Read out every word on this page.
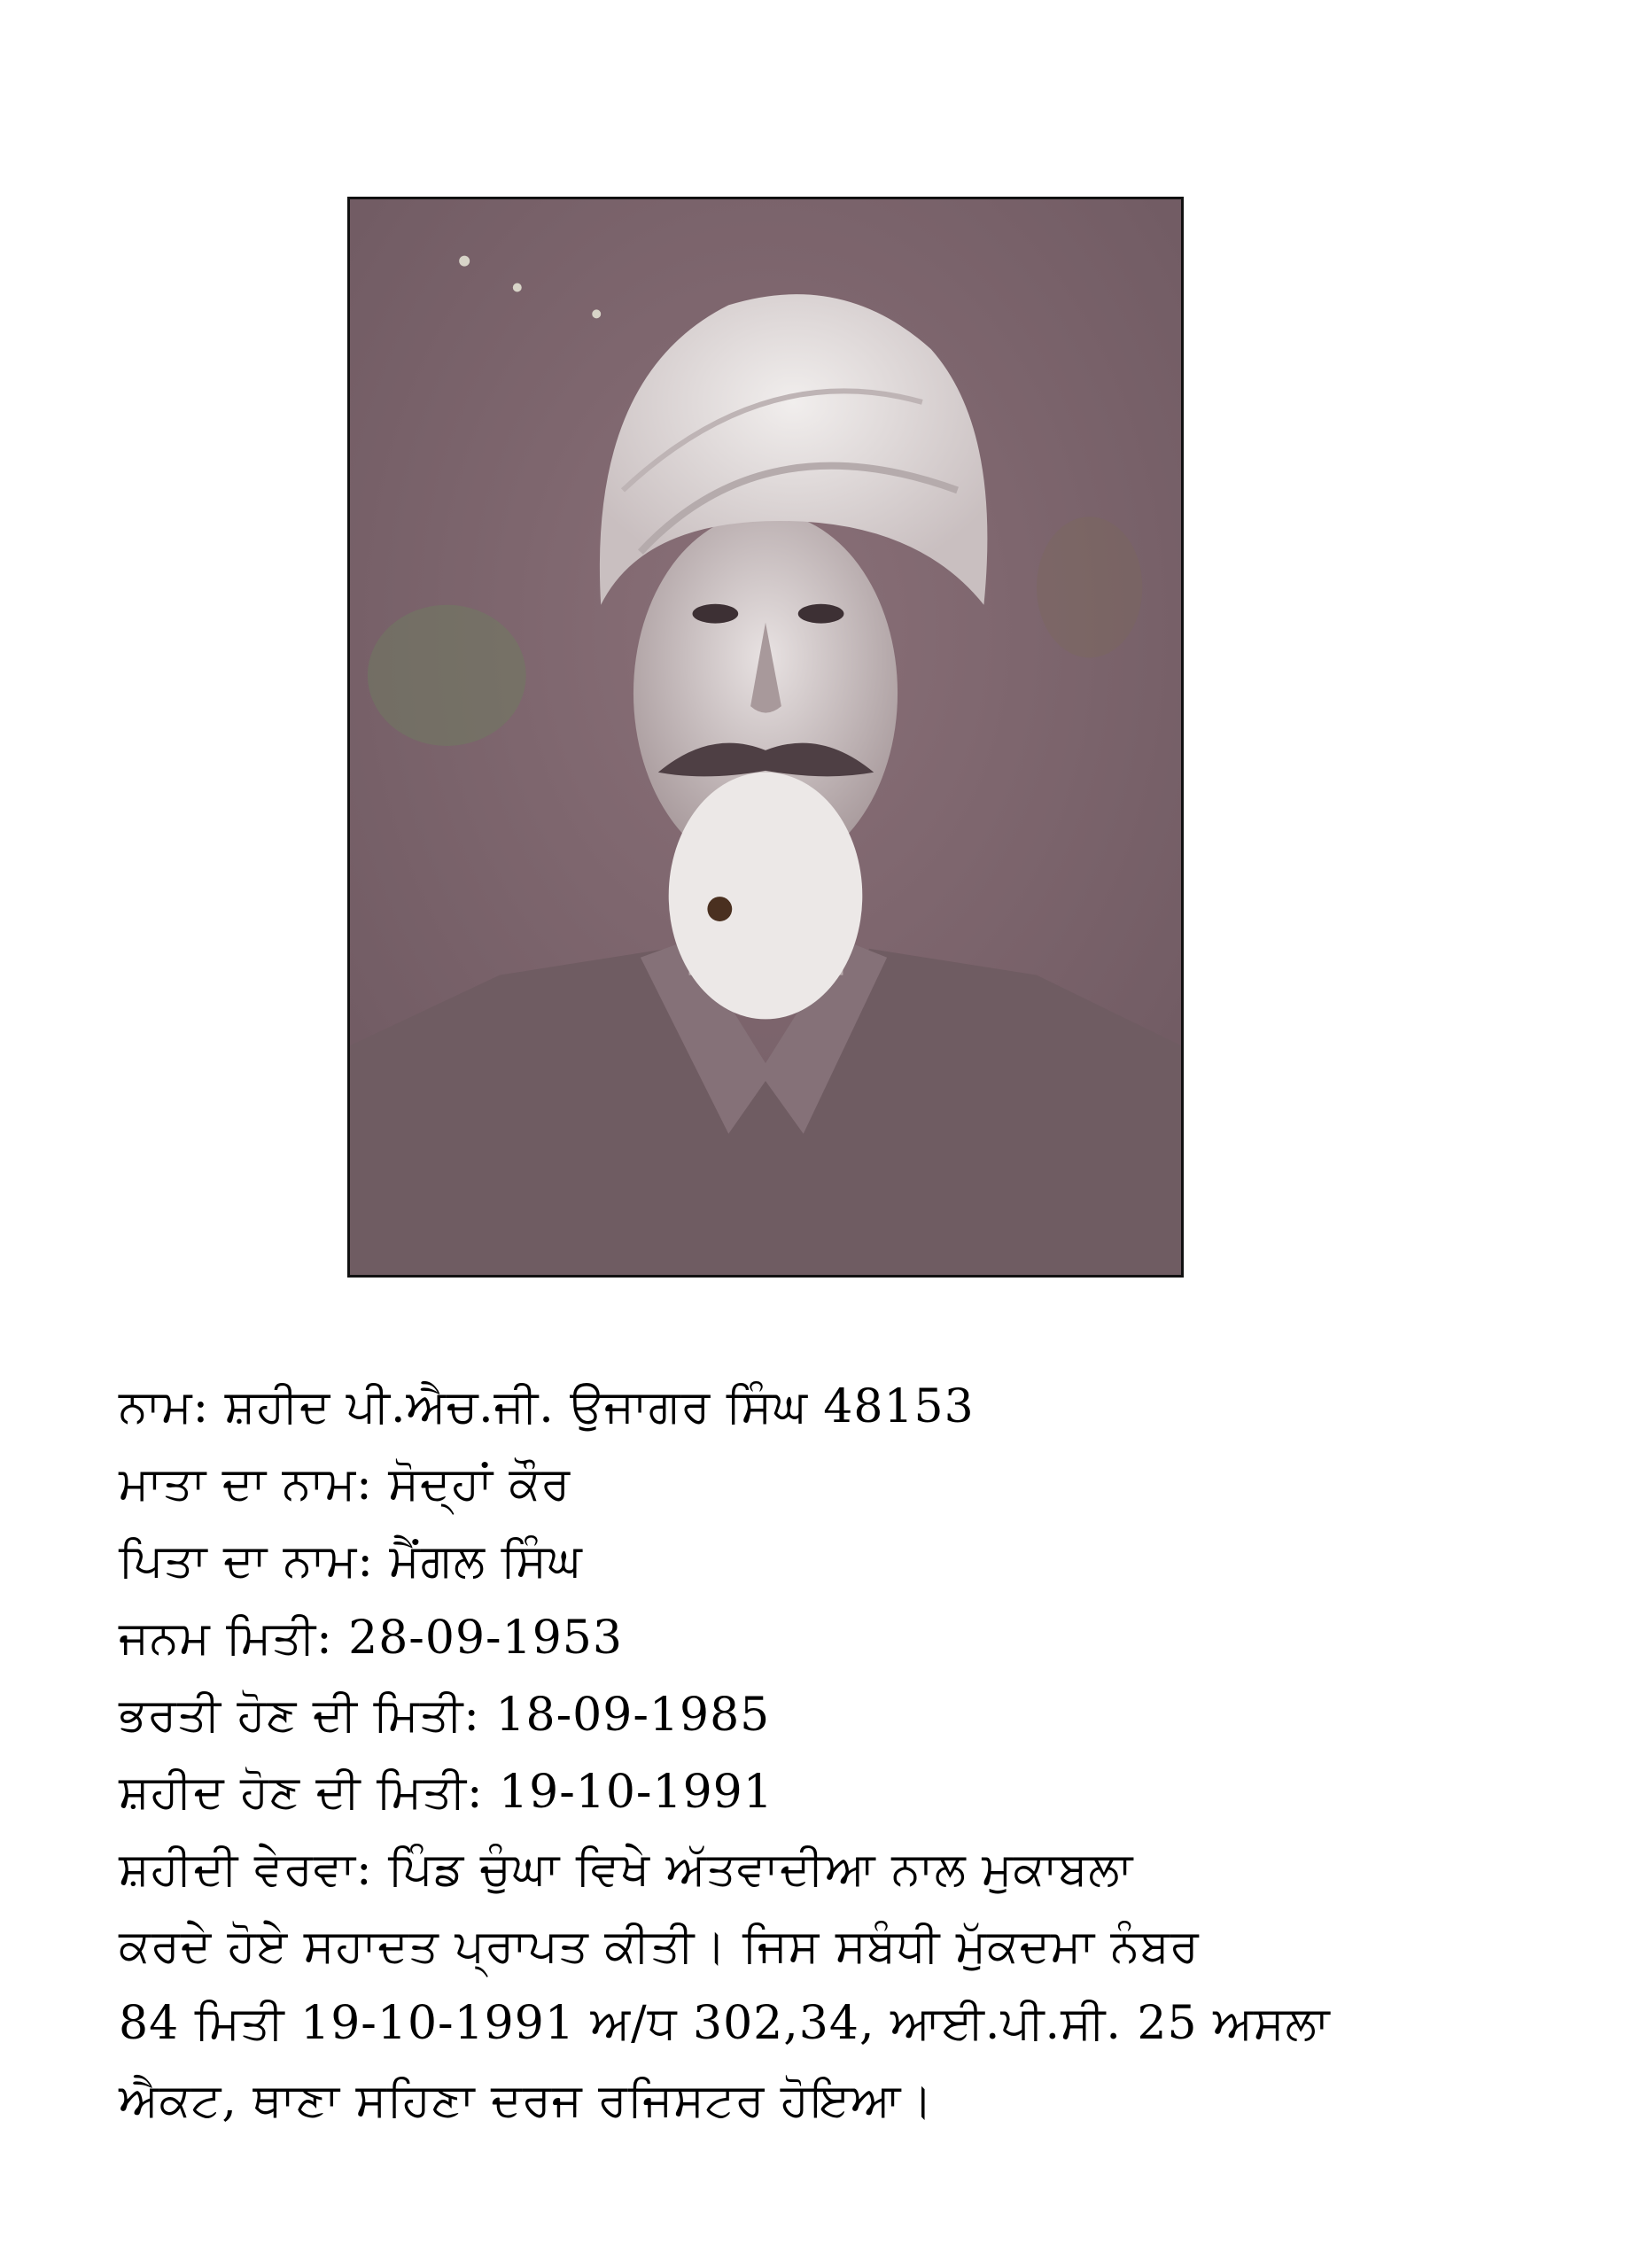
ਨਾਮ: ਸ਼ਹੀਦ ਪੀ.ਐਚ.ਜੀ. ਉਜਾਗਰ ਸਿੰਘ 48153
ਮਾਤਾ ਦਾ ਨਾਮ: ਸੋਦ੍ਹਾਂ ਕੌਰ
ਪਿਤਾ ਦਾ ਨਾਮ: ਮੈਂਗਲ ਸਿੰਘ
ਜਨਮ ਮਿਤੀ: 28-09-1953
ਭਰਤੀ ਹੋਣ ਦੀ ਮਿਤੀ: 18-09-1985
ਸ਼ਹੀਦ ਹੋਣ ਦੀ ਮਿਤੀ: 19-10-1991
ਸ਼ਹੀਦੀ ਵੇਰਵਾ: ਪਿੰਡ ਚੁੰਘਾ ਵਿਖੇ ਅੱਤਵਾਦੀਆ ਨਾਲ ਮੁਕਾਬਲਾ
ਕਰਦੇ ਹੋਏ ਸਹਾਦਤ ਪ੍ਰਾਪਤ ਕੀਤੀ। ਜਿਸ ਸਬੰਧੀ ਮੁੱਕਦਮਾ ਨੰਬਰ
84 ਮਿਤੀ 19-10-1991 ਅ/ਧ 302,34, ਆਈ.ਪੀ.ਸੀ. 25 ਅਸਲਾ
ਐਕਟ, ਥਾਣਾ ਸਹਿਣਾ ਦਰਜ ਰਜਿਸਟਰ ਹੋਇਆ।
